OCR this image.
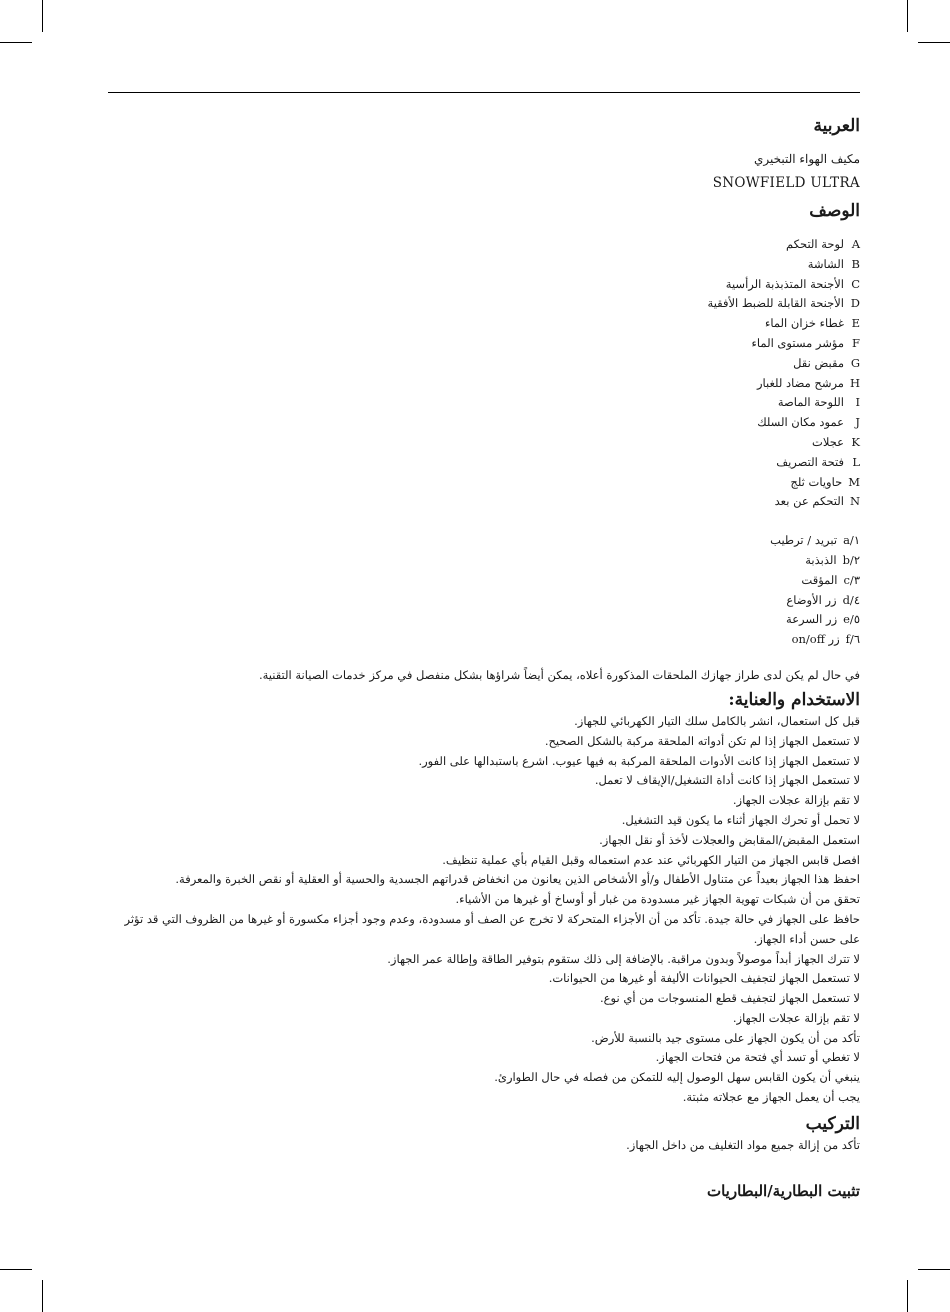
العربية
مكيف الهواء التبخيري
SNOWFIELD ULTRA
الوصف
Aلوحة التحكم
Bالشاشة
Cالأجنحة المتذبذبة الرأسية
Dالأجنحة القابلة للضبط الأفقية
Eغطاء خزان الماء
Fمؤشر مستوى الماء
Gمقبض نقل
Hمرشح مضاد للغبار
Iاللوحة الماصة
Jعمود مكان السلك
Kعجلات
Lفتحة التصريف
Mحاويات ثلج
Nالتحكم عن بعد
a/١تبريد / ترطيب
b/٢الذبذبة
c/٣المؤقت
d/٤زر الأوضاع
e/٥زر السرعة
f/٦زر on/off

في حال لم يكن لدى طراز جهازك الملحقات المذكورة أعلاه، يمكن أيضاً شراؤها بشكل منفصل في مركز خدمات الصيانة التقنية.

الاستخدام والعناية:

قبل كل استعمال، انشر بالكامل سلك التيار الكهربائي للجهاز.

لا تستعمل الجهاز إذا لم تكن أدواته الملحقة مركبة بالشكل الصحيح.

لا تستعمل الجهاز إذا كانت الأدوات الملحقة المركبة به فيها عيوب. اشرع باستبدالها على الفور.

لا تستعمل الجهاز إذا كانت أداة التشغيل/الإيقاف لا تعمل.

لا تقم بإزالة عجلات الجهاز.

لا تحمل أو تحرك الجهاز أثناء ما يكون قيد التشغيل.

استعمل المقبض/المقابض والعجلات لأخذ أو نقل الجهاز.

افصل قابس الجهاز من التيار الكهربائي عند عدم استعماله وقبل القيام بأي عملية تنظيف.

احفظ هذا الجهاز بعيداً عن متناول الأطفال و/أو الأشخاص الذين يعانون من انخفاض قدراتهم الجسدية والحسية أو العقلية أو نقص الخبرة والمعرفة.

تحقق من أن شبكات تهوية الجهاز غير مسدودة من غبار أو أوساخ أو غيرها من الأشياء.

حافظ على الجهاز في حالة جيدة. تأكد من أن الأجزاء المتحركة لا تخرج عن الصف أو مسدودة، وعدم وجود أجزاء مكسورة أو غيرها من الظروف التي قد تؤثر على حسن أداء الجهاز.

لا تترك الجهاز أبداً موصولاً وبدون مراقبة. بالإضافة إلى ذلك ستقوم بتوفير الطاقة وإطالة عمر الجهاز.

لا تستعمل الجهاز لتجفيف الحيوانات الأليفة أو غيرها من الحيوانات.

لا تستعمل الجهاز لتجفيف قطع المنسوجات من أي نوع.

لا تقم بإزالة عجلات الجهاز.

تأكد من أن يكون الجهاز على مستوى جيد بالنسبة للأرض.

لا تغطي أو تسد أي فتحة من فتحات الجهاز.

ينبغي أن يكون القابس سهل الوصول إليه للتمكن من فصله في حال الطوارئ.

يجب أن يعمل الجهاز مع عجلاته مثبتة.

التركيب

تأكد من إزالة جميع مواد التغليف من داخل الجهاز.

تثبيت البطارية/البطاريات
